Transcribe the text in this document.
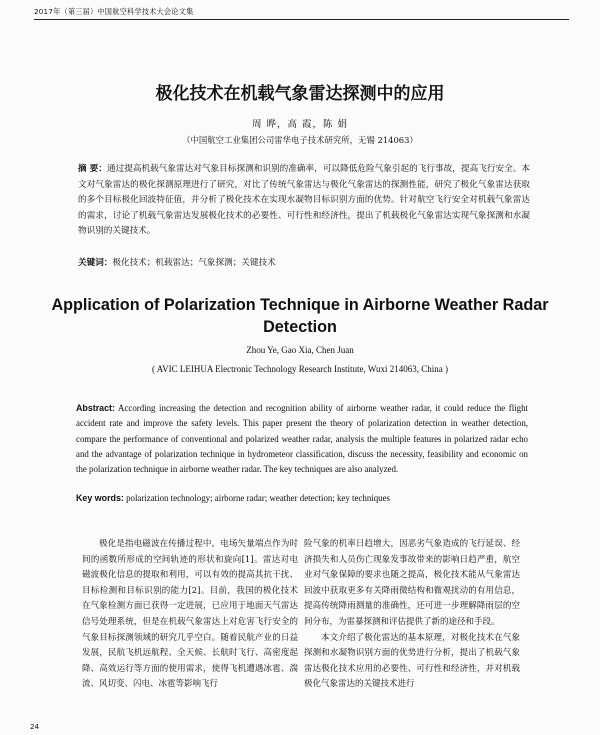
2017年（第三届）中国航空科学技术大会论文集
极化技术在机载气象雷达探测中的应用
周 晔，高 霞，陈 娟
（中国航空工业集团公司雷华电子技术研究所，无锡 214063）
摘 要：通过提高机载气象雷达对气象目标探测和识别的准确率，可以降低危险气象引起的飞行事故，提高飞行安全。本文对气象雷达的极化探测原理进行了研究，对比了传统气象雷达与极化气象雷达的探测性能，研究了极化气象雷达获取的多个目标极化回波特征值，并分析了极化技术在实现水凝物目标识别方面的优势。针对航空飞行安全对机载气象雷达的需求，讨论了机载气象雷达发展极化技术的必要性、可行性和经济性，提出了机载极化气象雷达实现气象探测和水凝物识别的关键技术。
关键词：极化技术；机载雷达；气象探测；关键技术
Application of Polarization Technique in Airborne Weather Radar
Detection
Zhou Ye, Gao Xia, Chen Juan
( AVIC LEIHUA Electronic Technology Research Institute, Wuxi 214063, China )
Abstract: According increasing the detection and recognition ability of airborne weather radar, it could reduce the flight accident rate and improve the safety levels. This paper present the theory of polarization detection in weather detection, compare the performance of conventional and polarized weather radar, analysis the multiple features in polarized radar echo and the advantage of polarization technique in hydrometeor classification, discuss the necessity, feasibility and economic on the polarization technique in airborne weather radar. The key techniques are also analyzed.
Key words: polarization technology; airborne radar; weather detection; key techniques

极化是指电磁波在传播过程中，电场矢量端点作为时间的函数所形成的空间轨迹的形状和旋向[1]。雷达对电磁波极化信息的提取和利用，可以有效的提高其抗干扰、目标检测和目标识别的能力[2]。目前，我国的极化技术在气象检测方面已获得一定进展，已应用于地面天气雷达信号处理系统，但是在机载气象雷达上对危害飞行安全的气象目标探测领域的研究几乎空白。随着民航产业的日益发展，民航飞机远航程、全天候、长航时飞行、高密度起降、高效运行等方面的使用需求，使得飞机遭遇冰雹、湍流、风切变、闪电、冰雹等影响飞行

险气象的机率日趋增大，因恶劣气象造成的飞行延误、经济损失和人员伤亡现象发事故带来的影响日趋严重，航空业对气象保障的要求也随之提高，极化技术能从气象雷达回波中获取更多有关降雨微结构和微观扰动的有用信息，提高传统降雨测量的准确性，还可进一步理解降雨层的空间分布，为雷暴探测和评估提供了新的途径和手段。

本文介绍了极化雷达的基本原理，对极化技术在气象探测和水凝物识别方面的优势进行分析，提出了机载气象雷达极化技术应用的必要性、可行性和经济性，并对机载极化气象雷达的关键技术进行

24
